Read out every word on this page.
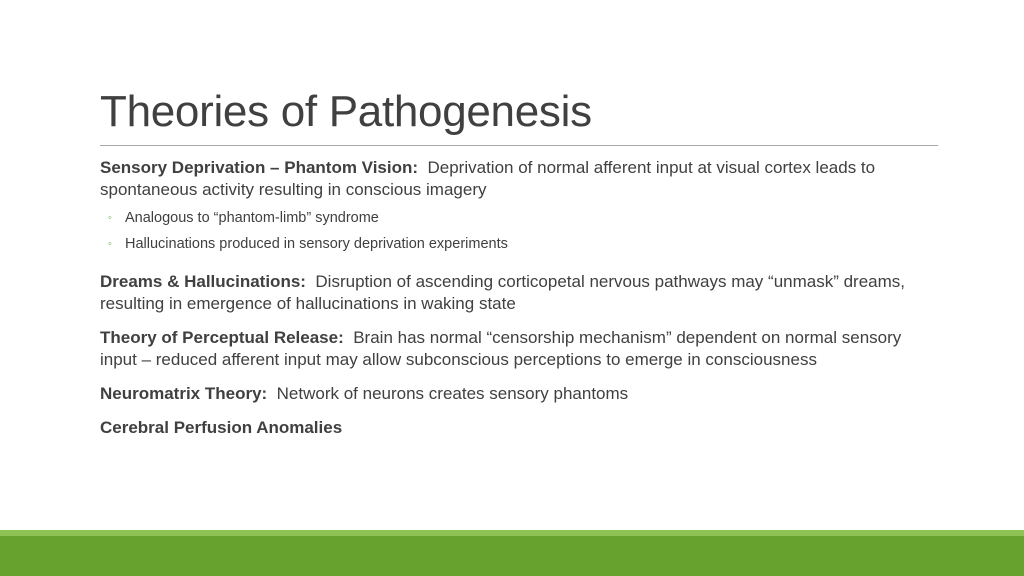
Theories of Pathogenesis

Sensory Deprivation – Phantom Vision: Deprivation of normal afferent input at visual cortex leads to spontaneous activity resulting in conscious imagery

◦ Analogous to “phantom-limb” syndrome
◦ Hallucinations produced in sensory deprivation experiments

Dreams & Hallucinations: Disruption of ascending corticopetal nervous pathways may “unmask” dreams, resulting in emergence of hallucinations in waking state

Theory of Perceptual Release: Brain has normal “censorship mechanism” dependent on normal sensory input – reduced afferent input may allow subconscious perceptions to emerge in consciousness

Neuromatrix Theory: Network of neurons creates sensory phantoms

Cerebral Perfusion Anomalies
